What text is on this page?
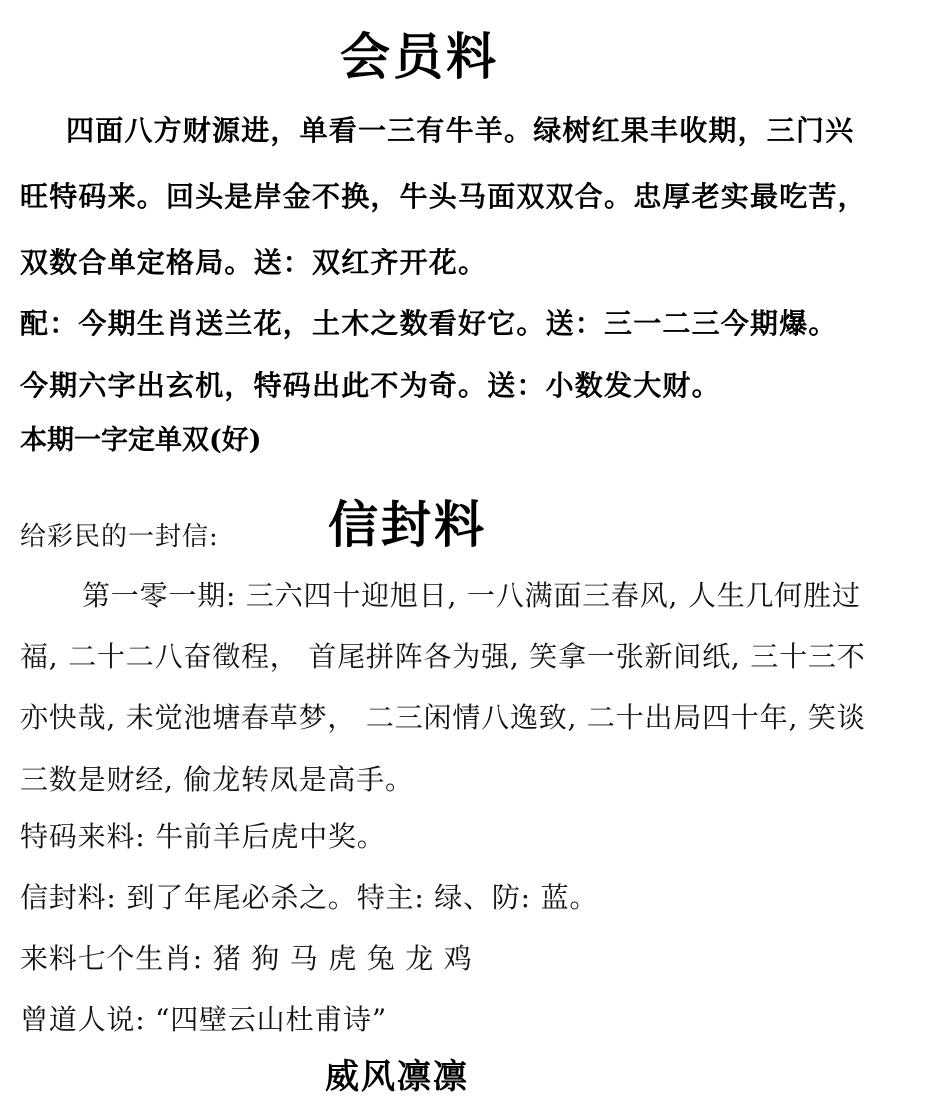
会员料
四面八方财源进，单看一三有牛羊。绿树红果丰收期，三门兴
旺特码来。回头是岸金不换，牛头马面双双合。忠厚老实最吃苦，
双数合单定格局。送：双红齐开花。
配：今期生肖送兰花，土木之数看好它。送：三一二三今期爆。
今期六字出玄机，特码出此不为奇。送：小数发大财。
本期一字定单双(好)
给彩民的一封信: 信封料
第一零一期: 三六四十迎旭日, 一八满面三春风, 人生几何胜过
福, 二十二八奋徵程， 首尾拼阵各为强, 笑拿一张新间纸, 三十三不
亦快哉, 未觉池塘春草梦， 二三闲情八逸致, 二十出局四十年, 笑谈
三数是财经, 偷龙转凤是高手。
特码来料: 牛前羊后虎中奖。
信封料: 到了年尾必杀之。特主: 绿、防: 蓝。
来料七个生肖: 猪 狗 马 虎 兔 龙 鸡
曾道人说: “四壁云山杜甫诗”
威风凛凛
